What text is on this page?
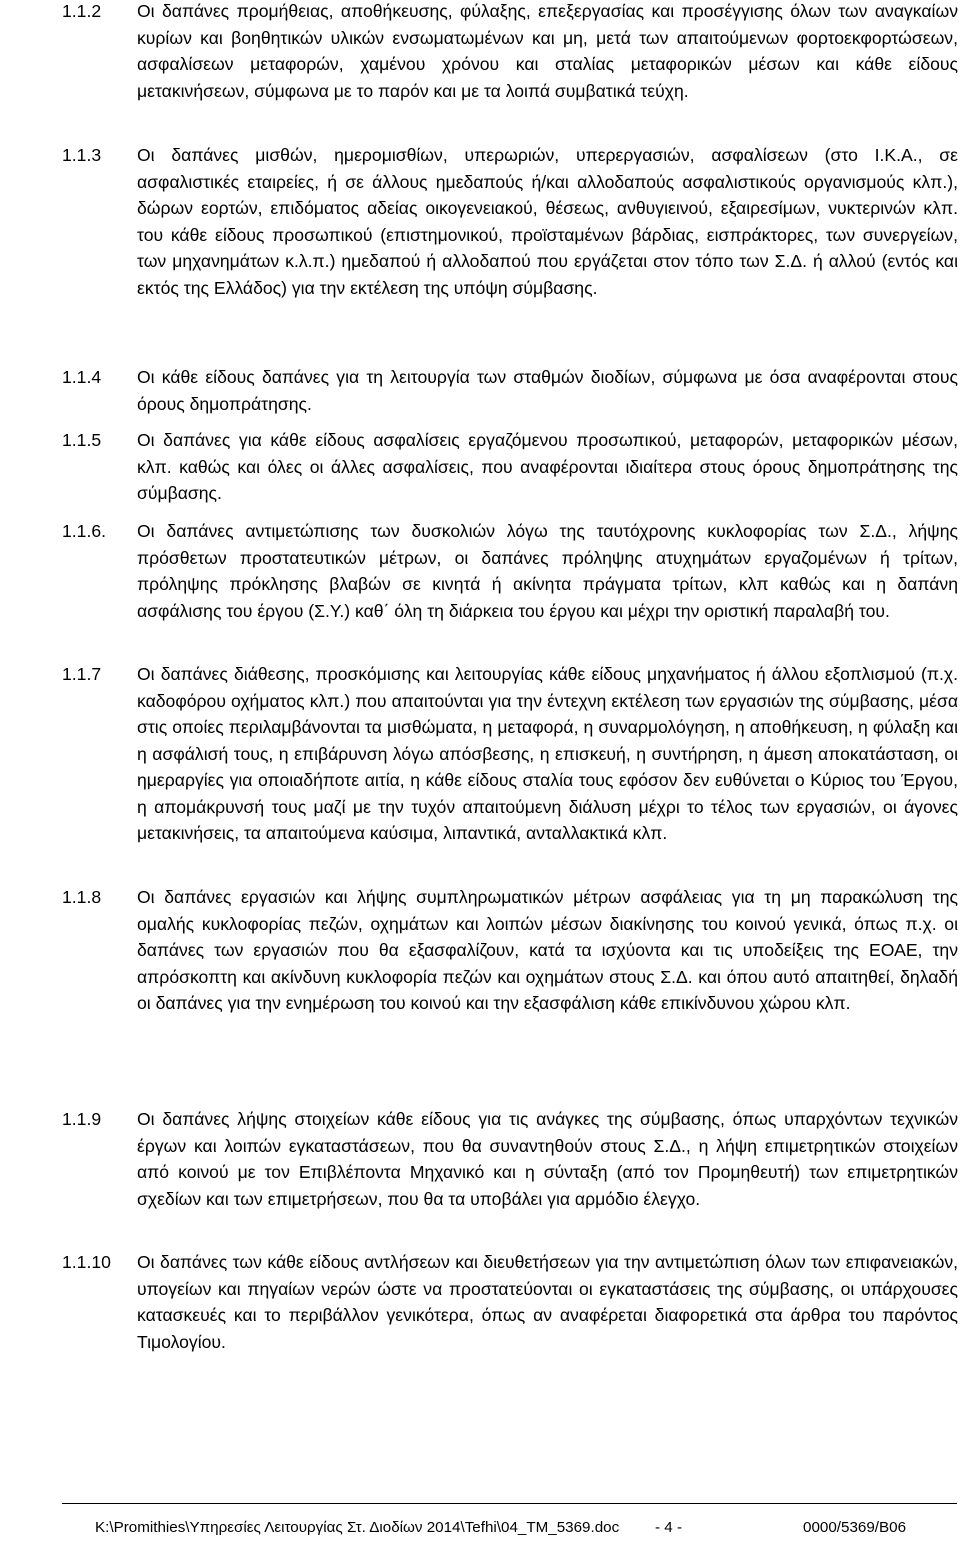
1.1.2 Οι δαπάνες προμήθειας, αποθήκευσης, φύλαξης, επεξεργασίας και προσέγγισης όλων των αναγκαίων κυρίων και βοηθητικών υλικών ενσωματωμένων και μη, μετά των απαιτούμενων φορτοεκφορτώσεων, ασφαλίσεων μεταφορών, χαμένου χρόνου και σταλίας μεταφορικών μέσων και κάθε είδους μετακινήσεων, σύμφωνα με το παρόν και με τα λοιπά συμβατικά τεύχη.
1.1.3 Οι δαπάνες μισθών, ημερομισθίων, υπερωριών, υπερεργασιών, ασφαλίσεων (στο Ι.Κ.Α., σε ασφαλιστικές εταιρείες, ή σε άλλους ημεδαπούς ή/και αλλοδαπούς ασφαλιστικούς οργανισμούς κλπ.), δώρων εορτών, επιδόματος αδείας οικογενειακού, θέσεως, ανθυγιεινού, εξαιρεσίμων, νυκτερινών κλπ. του κάθε είδους προσωπικού (επιστημονικού, προϊσταμένων βάρδιας, εισπράκτορες, των συνεργείων, των μηχανημάτων κ.λ.π.) ημεδαπού ή αλλοδαπού που εργάζεται στον τόπο των Σ.Δ. ή αλλού (εντός και εκτός της Ελλάδος) για την εκτέλεση της υπόψη σύμβασης.
1.1.4 Οι κάθε είδους δαπάνες για τη λειτουργία των σταθμών διοδίων, σύμφωνα με όσα αναφέρονται στους όρους δημοπράτησης.
1.1.5 Οι δαπάνες για κάθε είδους ασφαλίσεις εργαζόμενου προσωπικού, μεταφορών, μεταφορικών μέσων, κλπ. καθώς και όλες οι άλλες ασφαλίσεις, που αναφέρονται ιδιαίτερα στους όρους δημοπράτησης της σύμβασης.
1.1.6. Οι δαπάνες αντιμετώπισης των δυσκολιών λόγω της ταυτόχρονης κυκλοφορίας των Σ.Δ., λήψης πρόσθετων προστατευτικών μέτρων, οι δαπάνες πρόληψης ατυχημάτων εργαζομένων ή τρίτων, πρόληψης πρόκλησης βλαβών σε κινητά ή ακίνητα πράγματα τρίτων, κλπ καθώς και η δαπάνη ασφάλισης του έργου (Σ.Υ.) καθ΄ όλη τη διάρκεια του έργου και μέχρι την οριστική παραλαβή του.
1.1.7 Οι δαπάνες διάθεσης, προσκόμισης και λειτουργίας κάθε είδους μηχανήματος ή άλλου εξοπλισμού (π.χ. καδοφόρου οχήματος κλπ.) που απαιτούνται για την έντεχνη εκτέλεση των εργασιών της σύμβασης, μέσα στις οποίες περιλαμβάνονται τα μισθώματα, η μεταφορά, η συναρμολόγηση, η αποθήκευση, η φύλαξη και η ασφάλισή τους, η επιβάρυνση λόγω απόσβεσης, η επισκευή, η συντήρηση, η άμεση αποκατάσταση, οι ημεραργίες για οποιαδήποτε αιτία, η κάθε είδους σταλία τους εφόσον δεν ευθύνεται ο Κύριος του Έργου, η απομάκρυνσή τους μαζί με την τυχόν απαιτούμενη διάλυση μέχρι το τέλος των εργασιών, οι άγονες μετακινήσεις, τα απαιτούμενα καύσιμα, λιπαντικά, ανταλλακτικά κλπ.
1.1.8 Οι δαπάνες εργασιών και λήψης συμπληρωματικών μέτρων ασφάλειας για τη μη παρακώλυση της ομαλής κυκλοφορίας πεζών, οχημάτων και λοιπών μέσων διακίνησης του κοινού γενικά, όπως π.χ. οι δαπάνες των εργασιών που θα εξασφαλίζουν, κατά τα ισχύοντα και τις υποδείξεις της ΕΟΑΕ, την απρόσκοπτη και ακίνδυνη κυκλοφορία πεζών και οχημάτων στους Σ.Δ. και όπου αυτό απαιτηθεί, δηλαδή οι δαπάνες για την ενημέρωση του κοινού και την εξασφάλιση κάθε επικίνδυνου χώρου κλπ.
1.1.9 Οι δαπάνες λήψης στοιχείων κάθε είδους για τις ανάγκες της σύμβασης, όπως υπαρχόντων τεχνικών έργων και λοιπών εγκαταστάσεων, που θα συναντηθούν στους Σ.Δ., η λήψη επιμετρητικών στοιχείων από κοινού με τον Επιβλέποντα Μηχανικό και η σύνταξη (από τον Προμηθευτή) των επιμετρητικών σχεδίων και των επιμετρήσεων, που θα τα υποβάλει για αρμόδιο έλεγχο.
1.1.10 Οι δαπάνες των κάθε είδους αντλήσεων και διευθετήσεων για την αντιμετώπιση όλων των επιφανειακών, υπογείων και πηγαίων νερών ώστε να προστατεύονται οι εγκαταστάσεις της σύμβασης, οι υπάρχουσες κατασκευές και το περιβάλλον γενικότερα, όπως αν αναφέρεται διαφορετικά στα άρθρα του παρόντος Τιμολογίου.
K:\Promithies\Υπηρεσίες Λειτουργίας Στ. Διοδίων 2014\Tefhi\04_TM_5369.doc - 4 -	0000/5369/B06
